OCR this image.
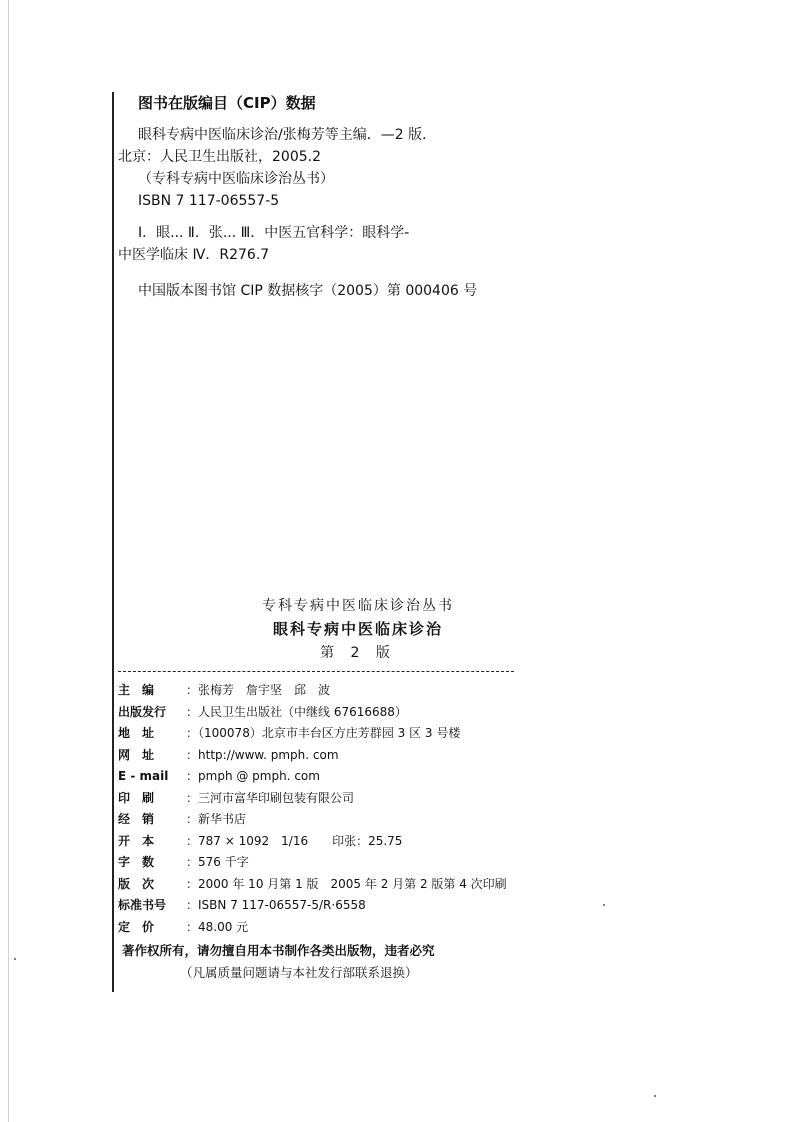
图书在版编目（CIP）数据
眼科专病中医临床诊治/张梅芳等主编．—2 版．
北京：人民卫生出版社，2005.2
（专科专病中医临床诊治丛书）
ISBN 7 117-06557-5
Ⅰ．眼... Ⅱ．张... Ⅲ．中医五官科学：眼科学-
中医学临床 Ⅳ．R276.7
中国版本图书馆 CIP 数据核字（2005）第 000406 号
专科专病中医临床诊治丛书
眼科专病中医临床诊治
第 2 版
主　编	：张梅芳　詹宇坚　邱　波
出版发行	：人民卫生出版社（中继线 67616688）
地　址	：（100078）北京市丰台区方庄芳群园 3 区 3 号楼
网　址	：http://www. pmph. com
E - mail	：pmph @ pmph. com
印　刷	：三河市富华印刷包装有限公司
经　销	：新华书店
开　本	：787 × 1092　1/16　　印张：25.75
字　数	：576 千字
版　次	：2000 年 10 月第 1 版　2005 年 2 月第 2 版第 4 次印刷
标准书号	：ISBN 7 117-06557-5/R·6558
定　价	：48.00 元
著作权所有，请勿擅自用本书制作各类出版物，违者必究
（凡属质量问题请与本社发行部联系退换）
